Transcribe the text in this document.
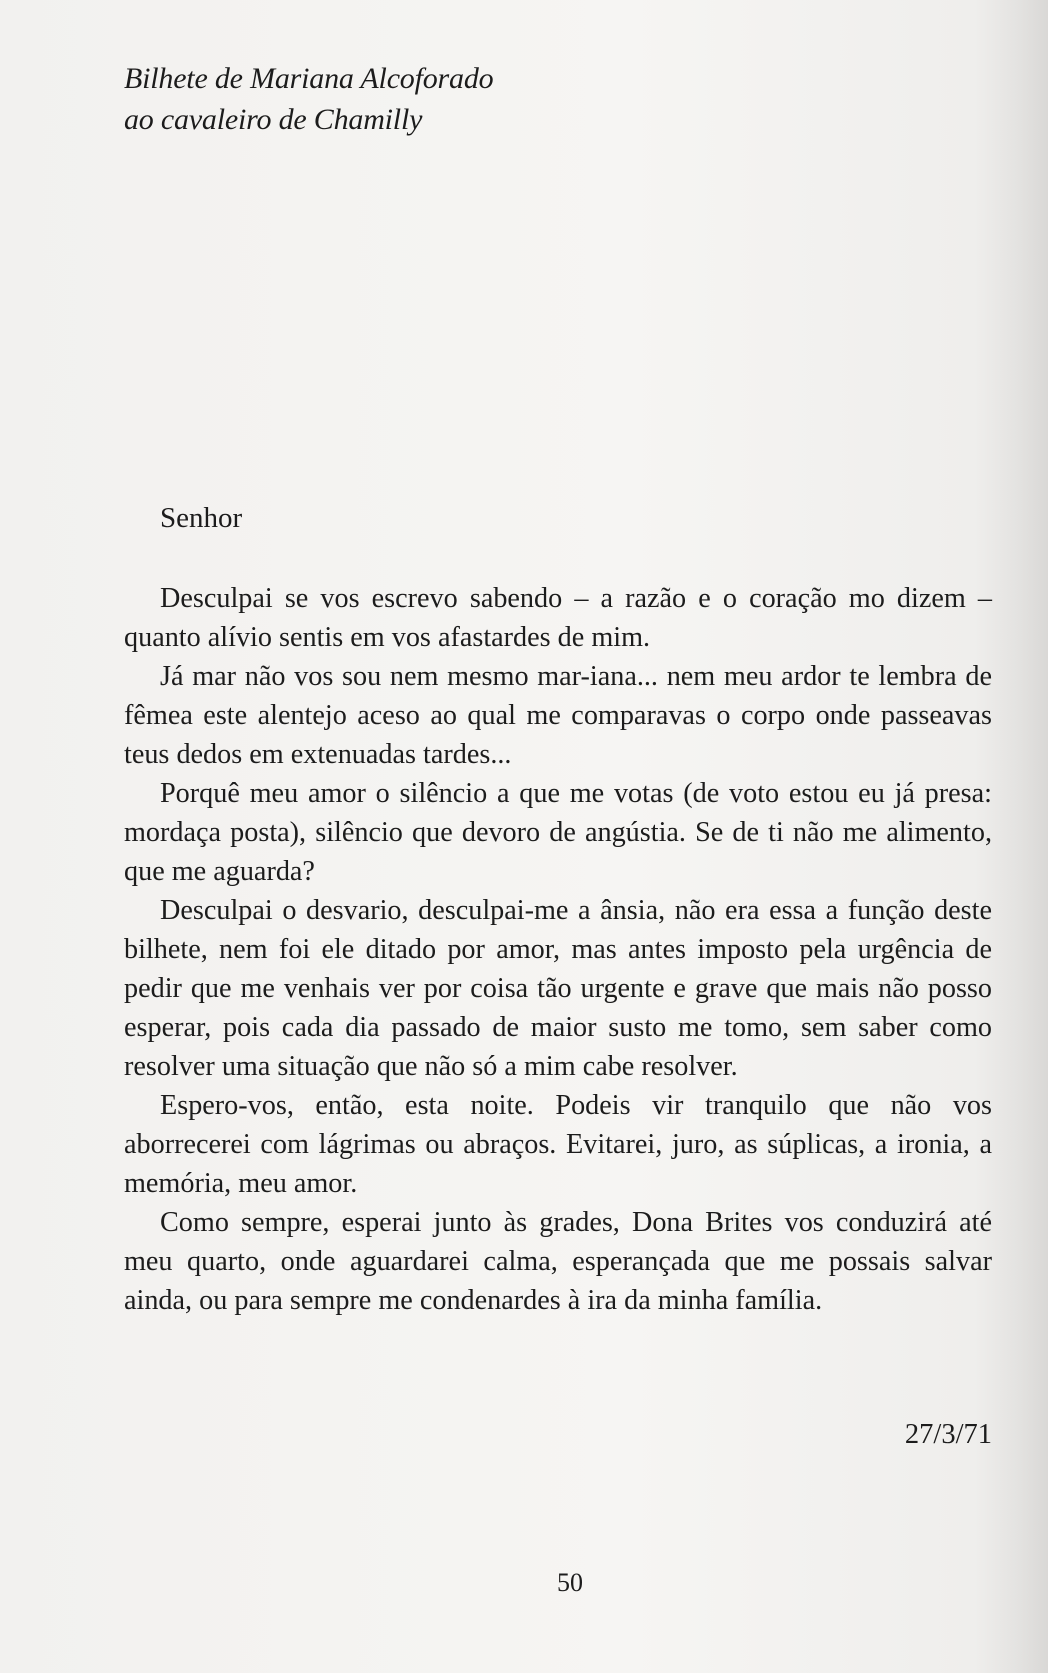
Bilhete de Mariana Alcoforado
ao cavaleiro de Chamilly
Senhor

Desculpai se vos escrevo sabendo – a razão e o coração mo dizem – quanto alívio sentis em vos afastardes de mim.

Já mar não vos sou nem mesmo mar-iana... nem meu ardor te lembra de fêmea este alentejo aceso ao qual me comparavas o corpo onde passeavas teus dedos em extenuadas tardes...

Porquê meu amor o silêncio a que me votas (de voto estou eu já presa: mordaça posta), silêncio que devoro de angústia. Se de ti não me alimento, que me aguarda?

Desculpai o desvario, desculpai-me a ânsia, não era essa a função deste bilhete, nem foi ele ditado por amor, mas antes imposto pela urgência de pedir que me venhais ver por coisa tão urgente e grave que mais não posso esperar, pois cada dia passado de maior susto me tomo, sem saber como resolver uma situação que não só a mim cabe resolver.

Espero-vos, então, esta noite. Podeis vir tranquilo que não vos aborrecerei com lágrimas ou abraços. Evitarei, juro, as súplicas, a ironia, a memória, meu amor.

Como sempre, esperai junto às grades, Dona Brites vos conduzirá até meu quarto, onde aguardarei calma, esperançada que me possais salvar ainda, ou para sempre me condenardes à ira da minha família.

27/3/71
50
